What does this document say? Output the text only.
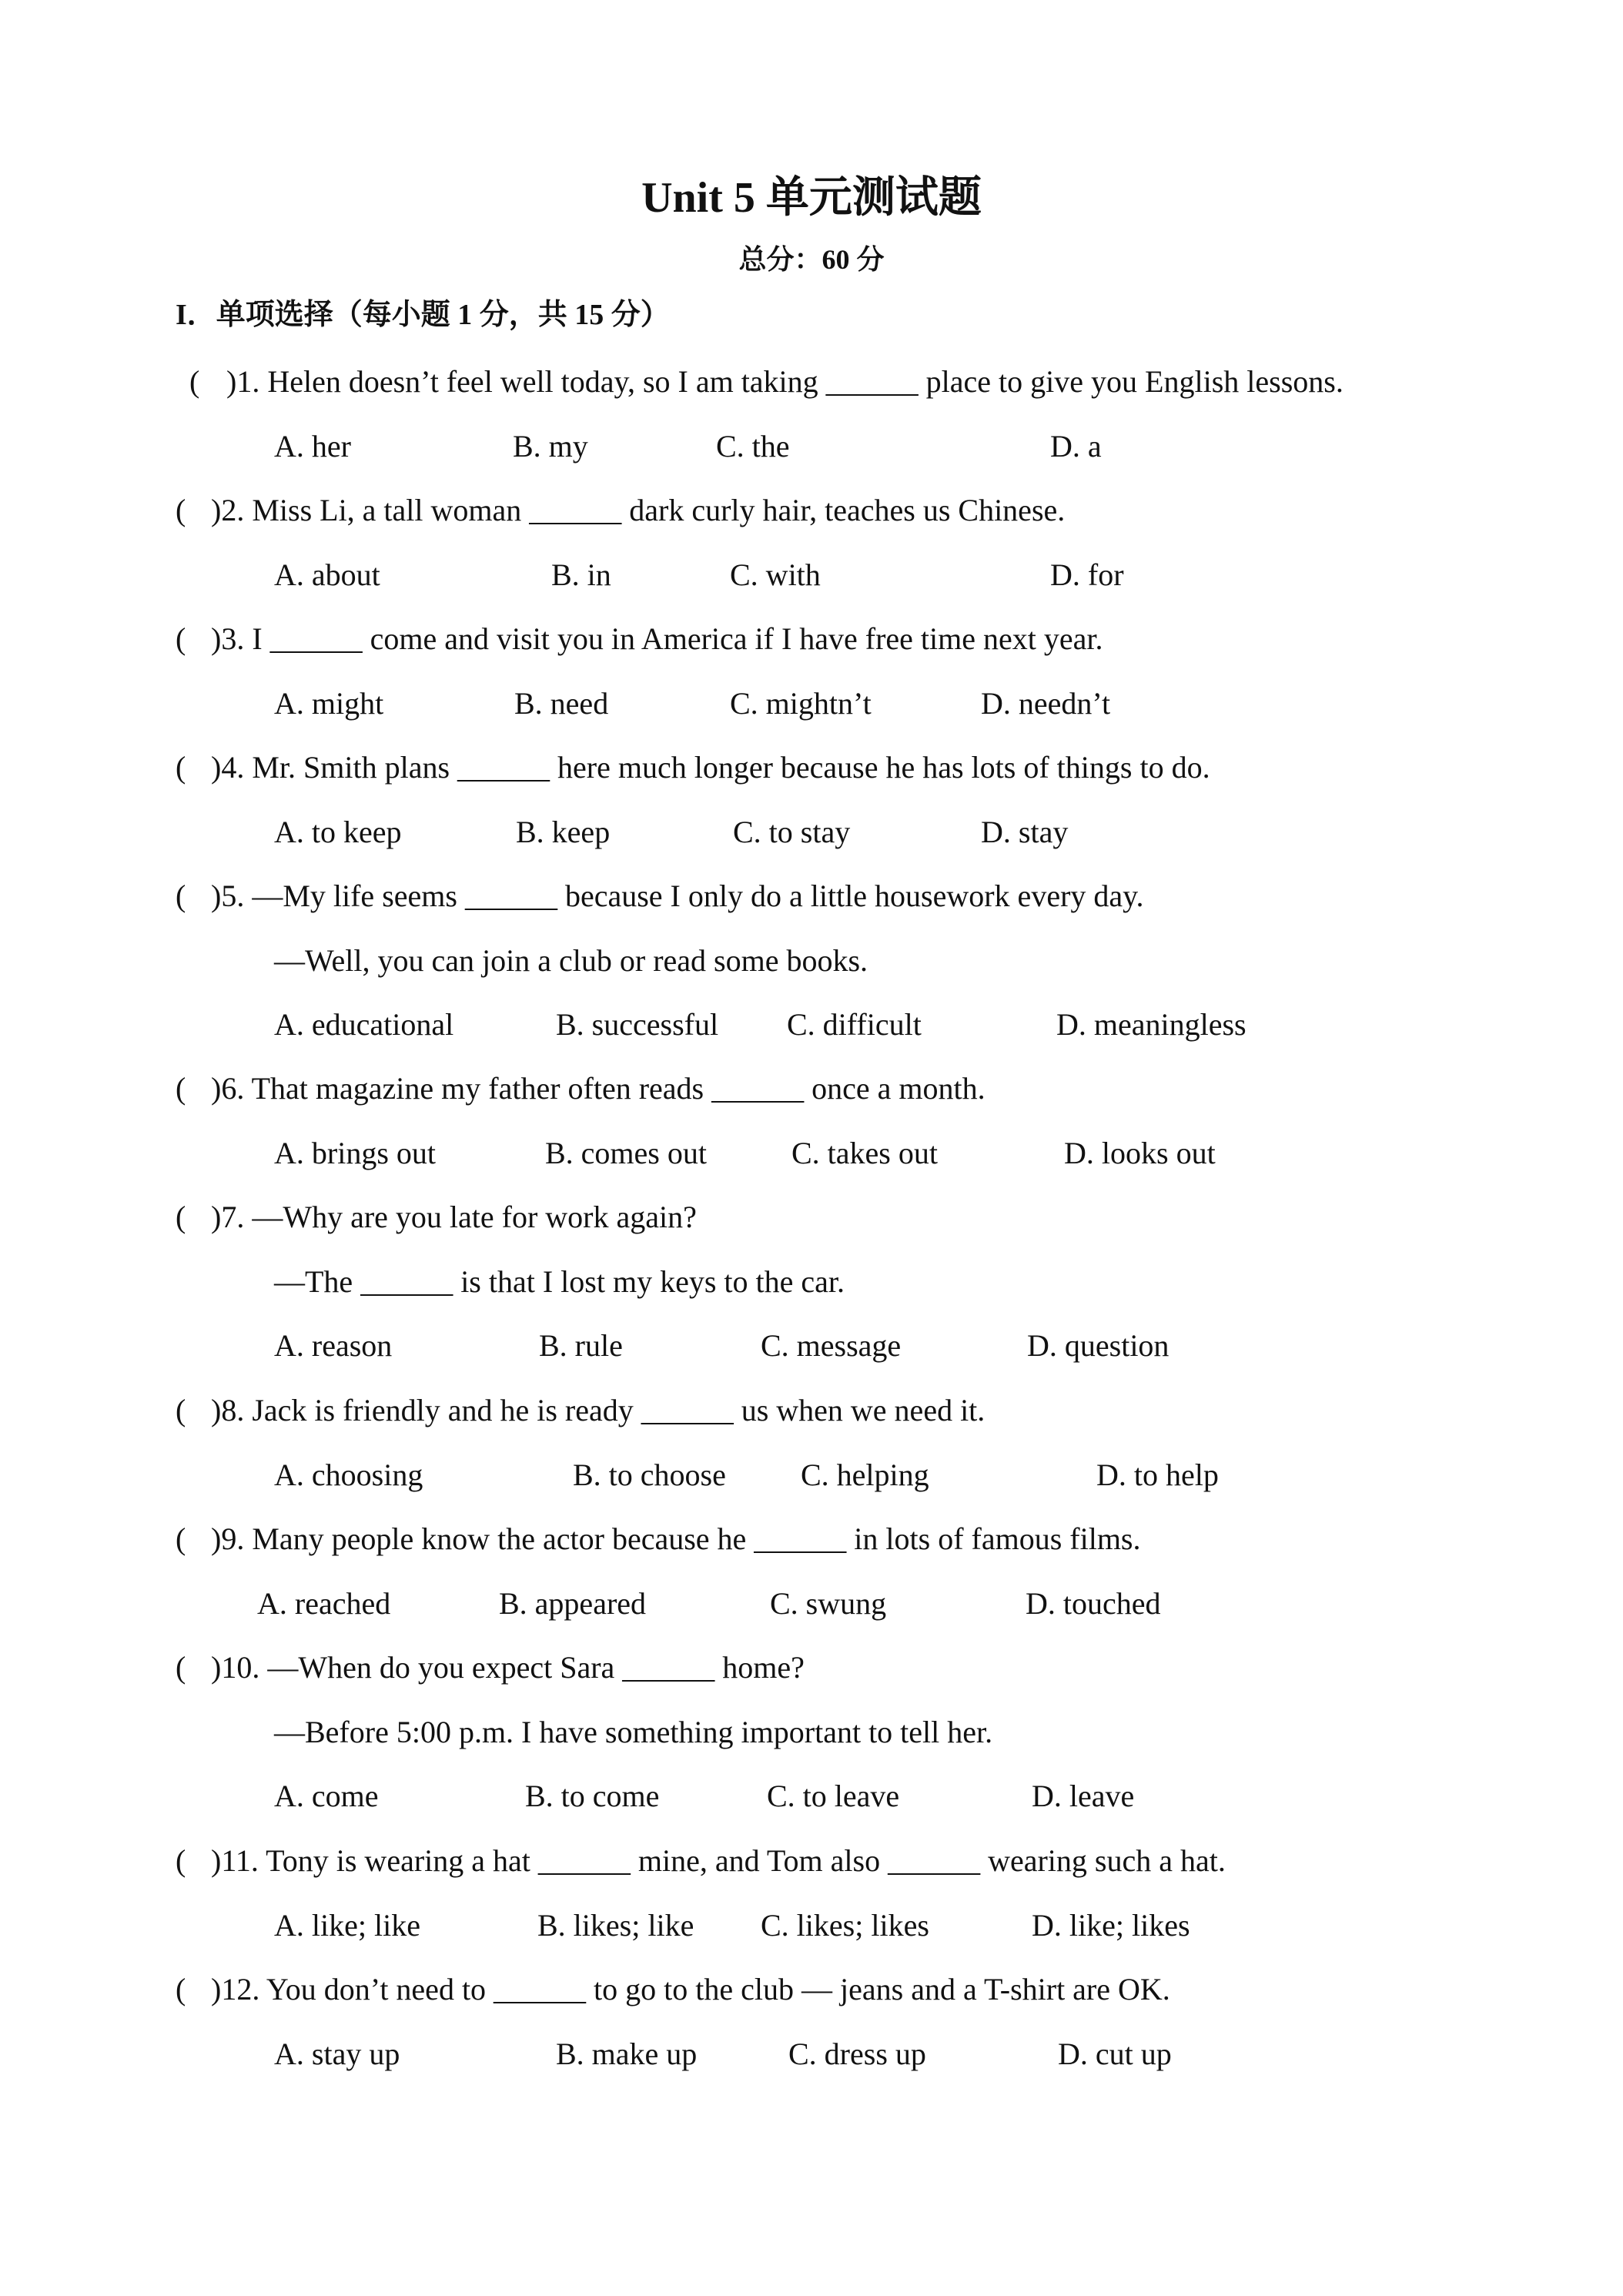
Unit 5 单元测试题
总分：60 分
I．单项选择（每小题 1 分，共 15 分）
( )1. Helen doesn’t feel well today, so I am taking ______ place to give you English lessons.
A. her	B. my	C. the	D. a
( )2. Miss Li, a tall woman ______ dark curly hair, teaches us Chinese.
A. about	B. in	C. with	D. for
( )3. I ______ come and visit you in America if I have free time next year.
A. might	B. need	C. mightn’t	D. needn’t
( )4. Mr. Smith plans ______ here much longer because he has lots of things to do.
A. to keep	B. keep	C. to stay	D. stay
( )5. —My life seems ______ because I only do a little housework every day.
—Well, you can join a club or read some books.
A. educational	B. successful C. difficult	D. meaningless
( )6. That magazine my father often reads ______ once a month.
A. brings out	B. comes out	C. takes out	D. looks out
( )7. —Why are you late for work again?
—The ______ is that I lost my keys to the car.
A. reason	B. rule	C. message	D. question
( )8. Jack is friendly and he is ready ______ us when we need it.
A. choosing	B. to choose C. helping	D. to help
( )9. Many people know the actor because he ______ in lots of famous films.
A. reached	B. appeared	C. swung	D. touched
( )10. —When do you expect Sara ______ home?
—Before 5:00 p.m. I have something important to tell her.
A. come	B. to come	C. to leave	D. leave
( )11. Tony is wearing a hat ______ mine, and Tom also ______ wearing such a hat.
A. like; like	B. likes; like C. likes; likes	D. like; likes
( )12. You don’t need to ______ to go to the club — jeans and a T-shirt are OK.
A. stay up	B. make up	C. dress up	D. cut up
